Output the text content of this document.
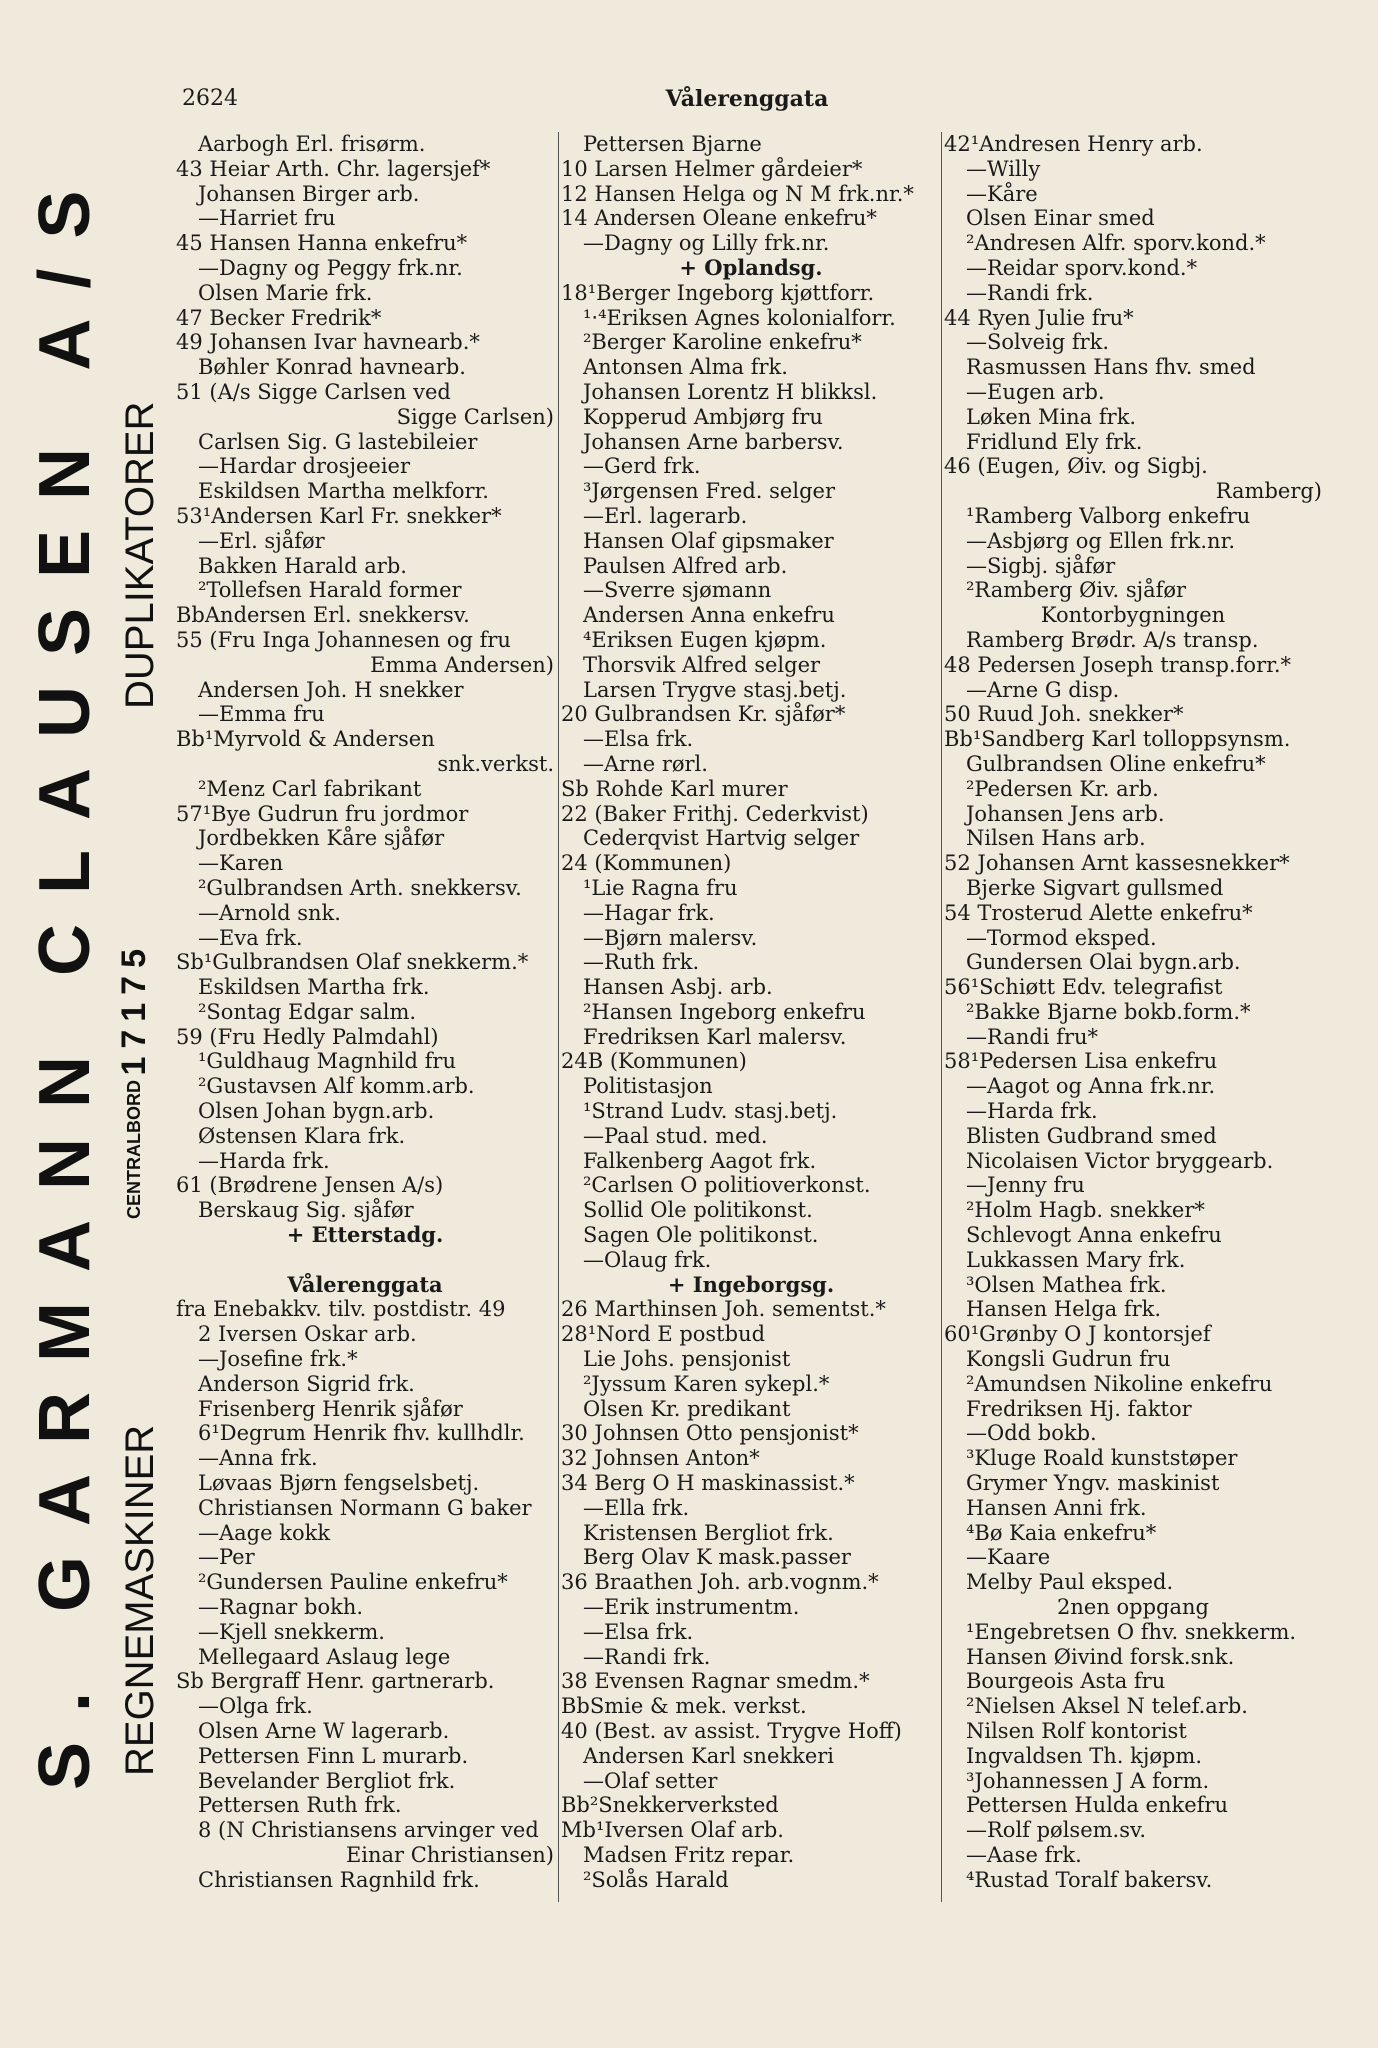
2624	Vålerenggata
S. GARMANN CLAUSEN A/S DUPLIKATORER
CENTRALBORD 17175
REGNEMASKINER
Aarbogh Erl. frisørm.
43 Heiar Arth. Chr. lagersjef*
Johansen Birger arb.
—Harriet fru
45 Hansen Hanna enkefru*
—Dagny og Peggy frk.nr.
Olsen Marie frk.
47 Becker Fredrik*
49 Johansen Ivar havnearb.*
Bøhler Konrad havnearb.
51 (A/s Sigge Carlsen ved
Sigge Carlsen)
Carlsen Sig. G lastebileier
—Hardar drosjeeier
Eskildsen Martha melkforr.
53¹Andersen Karl Fr. snekker*
—Erl. sjåfør
Bakken Harald arb.
²Tollefsen Harald former
BbAndersen Erl. snekkersv.
55 (Fru Inga Johannesen og fru
Emma Andersen)
Andersen Joh. H snekker
—Emma fru
Bb¹Myrvold & Andersen
snk.verkst.
²Menz Carl fabrikant
57¹Bye Gudrun fru jordmor
Jordbekken Kåre sjåfør
—Karen
²Gulbrandsen Arth. snekkersv.
—Arnold snk.
—Eva frk.
Sb¹Gulbrandsen Olaf snekkerm.*
Eskildsen Martha frk.
²Sontag Edgar salm.
59 (Fru Hedly Palmdahl)
¹Guldhaug Magnhild fru
²Gustavsen Alf komm.arb.
Olsen Johan bygn.arb.
Østensen Klara frk.
—Harda frk.
61 (Brødrene Jensen A/s)
Berskaug Sig. sjåfør
+ Etterstadg.
Vålerenggata
fra Enebakkv. tilv. postdistr. 49
2 Iversen Oskar arb.
—Josefine frk.*
Anderson Sigrid frk.
Frisenberg Henrik sjåfør
6¹Degrum Henrik fhv. kullhdlr.
—Anna frk.
Løvaas Bjørn fengselsbetj.
Christiansen Normann G baker
—Aage kokk
—Per
²Gundersen Pauline enkefru*
—Ragnar bokh.
—Kjell snekkerm.
Mellegaard Aslaug lege
Sb Bergraff Henr. gartnerarb.
—Olga frk.
Olsen Arne W lagerarb.
Pettersen Finn L murarb.
Bevelander Bergliot frk.
Pettersen Ruth frk.
8 (N Christiansens arvinger ved
Einar Christiansen)
Christiansen Ragnhild frk.
Pettersen Bjarne
10 Larsen Helmer gårdeier*
12 Hansen Helga og N M frk.nr.*
14 Andersen Oleane enkefru*
—Dagny og Lilly frk.nr.
+ Oplandsg.
18¹Berger Ingeborg kjøttforr.
¹‧⁴Eriksen Agnes kolonialforr.
²Berger Karoline enkefru*
Antonsen Alma frk.
Johansen Lorentz H blikksl.
Kopperud Ambjørg fru
Johansen Arne barbersv.
—Gerd frk.
³Jørgensen Fred. selger
—Erl. lagerarb.
Hansen Olaf gipsmaker
Paulsen Alfred arb.
—Sverre sjømann
Andersen Anna enkefru
⁴Eriksen Eugen kjøpm.
Thorsvik Alfred selger
Larsen Trygve stasj.betj.
20 Gulbrandsen Kr. sjåfør*
—Elsa frk.
—Arne rørl.
Sb Rohde Karl murer
22 (Baker Frithj. Cederkvist)
Cederqvist Hartvig selger
24 (Kommunen)
¹Lie Ragna fru
—Hagar frk.
—Bjørn malersv.
—Ruth frk.
Hansen Asbj. arb.
²Hansen Ingeborg enkefru
Fredriksen Karl malersv.
24B (Kommunen)
Politistasjon
¹Strand Ludv. stasj.betj.
—Paal stud. med.
Falkenberg Aagot frk.
²Carlsen O politioverkonst.
Sollid Ole politikonst.
Sagen Ole politikonst.
—Olaug frk.
+ Ingeborgsg.
26 Marthinsen Joh. sementst.*
28¹Nord E postbud
Lie Johs. pensjonist
²Jyssum Karen sykepl.*
Olsen Kr. predikant
30 Johnsen Otto pensjonist*
32 Johnsen Anton*
34 Berg O H maskinassist.*
—Ella frk.
Kristensen Bergliot frk.
Berg Olav K mask.passer
36 Braathen Joh. arb.vognm.*
—Erik instrumentm.
—Elsa frk.
—Randi frk.
38 Evensen Ragnar smedm.*
BbSmie & mek. verkst.
40 (Best. av assist. Trygve Hoff)
Andersen Karl snekkeri
—Olaf setter
Bb²Snekkerverksted
Mb¹Iversen Olaf arb.
Madsen Fritz repar.
²Solås Harald
42¹Andresen Henry arb.
—Willy
—Kåre
Olsen Einar smed
²Andresen Alfr. sporv.kond.*
—Reidar sporv.kond.*
—Randi frk.
44 Ryen Julie fru*
—Solveig frk.
Rasmussen Hans fhv. smed
—Eugen arb.
Løken Mina frk.
Fridlund Ely frk.
46 (Eugen, Øiv. og Sigbj.
Ramberg)
¹Ramberg Valborg enkefru
—Asbjørg og Ellen frk.nr.
—Sigbj. sjåfør
²Ramberg Øiv. sjåfør
Kontorbygningen
Ramberg Brødr. A/s transp.
48 Pedersen Joseph transp.forr.*
—Arne G disp.
50 Ruud Joh. snekker*
Bb¹Sandberg Karl tolloppsynsm.
Gulbrandsen Oline enkefru*
²Pedersen Kr. arb.
Johansen Jens arb.
Nilsen Hans arb.
52 Johansen Arnt kassesnekker*
Bjerke Sigvart gullsmed
54 Trosterud Alette enkefru*
—Tormod eksped.
Gundersen Olai bygn.arb.
56¹Schiøtt Edv. telegrafist
²Bakke Bjarne bokb.form.*
—Randi fru*
58¹Pedersen Lisa enkefru
—Aagot og Anna frk.nr.
—Harda frk.
Blisten Gudbrand smed
Nicolaisen Victor bryggearb.
—Jenny fru
²Holm Hagb. snekker*
Schlevogt Anna enkefru
Lukkassen Mary frk.
³Olsen Mathea frk.
Hansen Helga frk.
60¹Grønby O J kontorsjef
Kongsli Gudrun fru
²Amundsen Nikoline enkefru
Fredriksen Hj. faktor
—Odd bokb.
³Kluge Roald kunststøper
Grymer Yngv. maskinist
Hansen Anni frk.
⁴Bø Kaia enkefru*
—Kaare
Melby Paul eksped.
2nen oppgang
¹Engebretsen O fhv. snekkerm.
Hansen Øivind forsk.snk.
Bourgeois Asta fru
²Nielsen Aksel N telef.arb.
Nilsen Rolf kontorist
Ingvaldsen Th. kjøpm.
³Johannessen J A form.
Pettersen Hulda enkefru
—Rolf pølsem.sv.
—Aase frk.
⁴Rustad Toralf bakersv.
